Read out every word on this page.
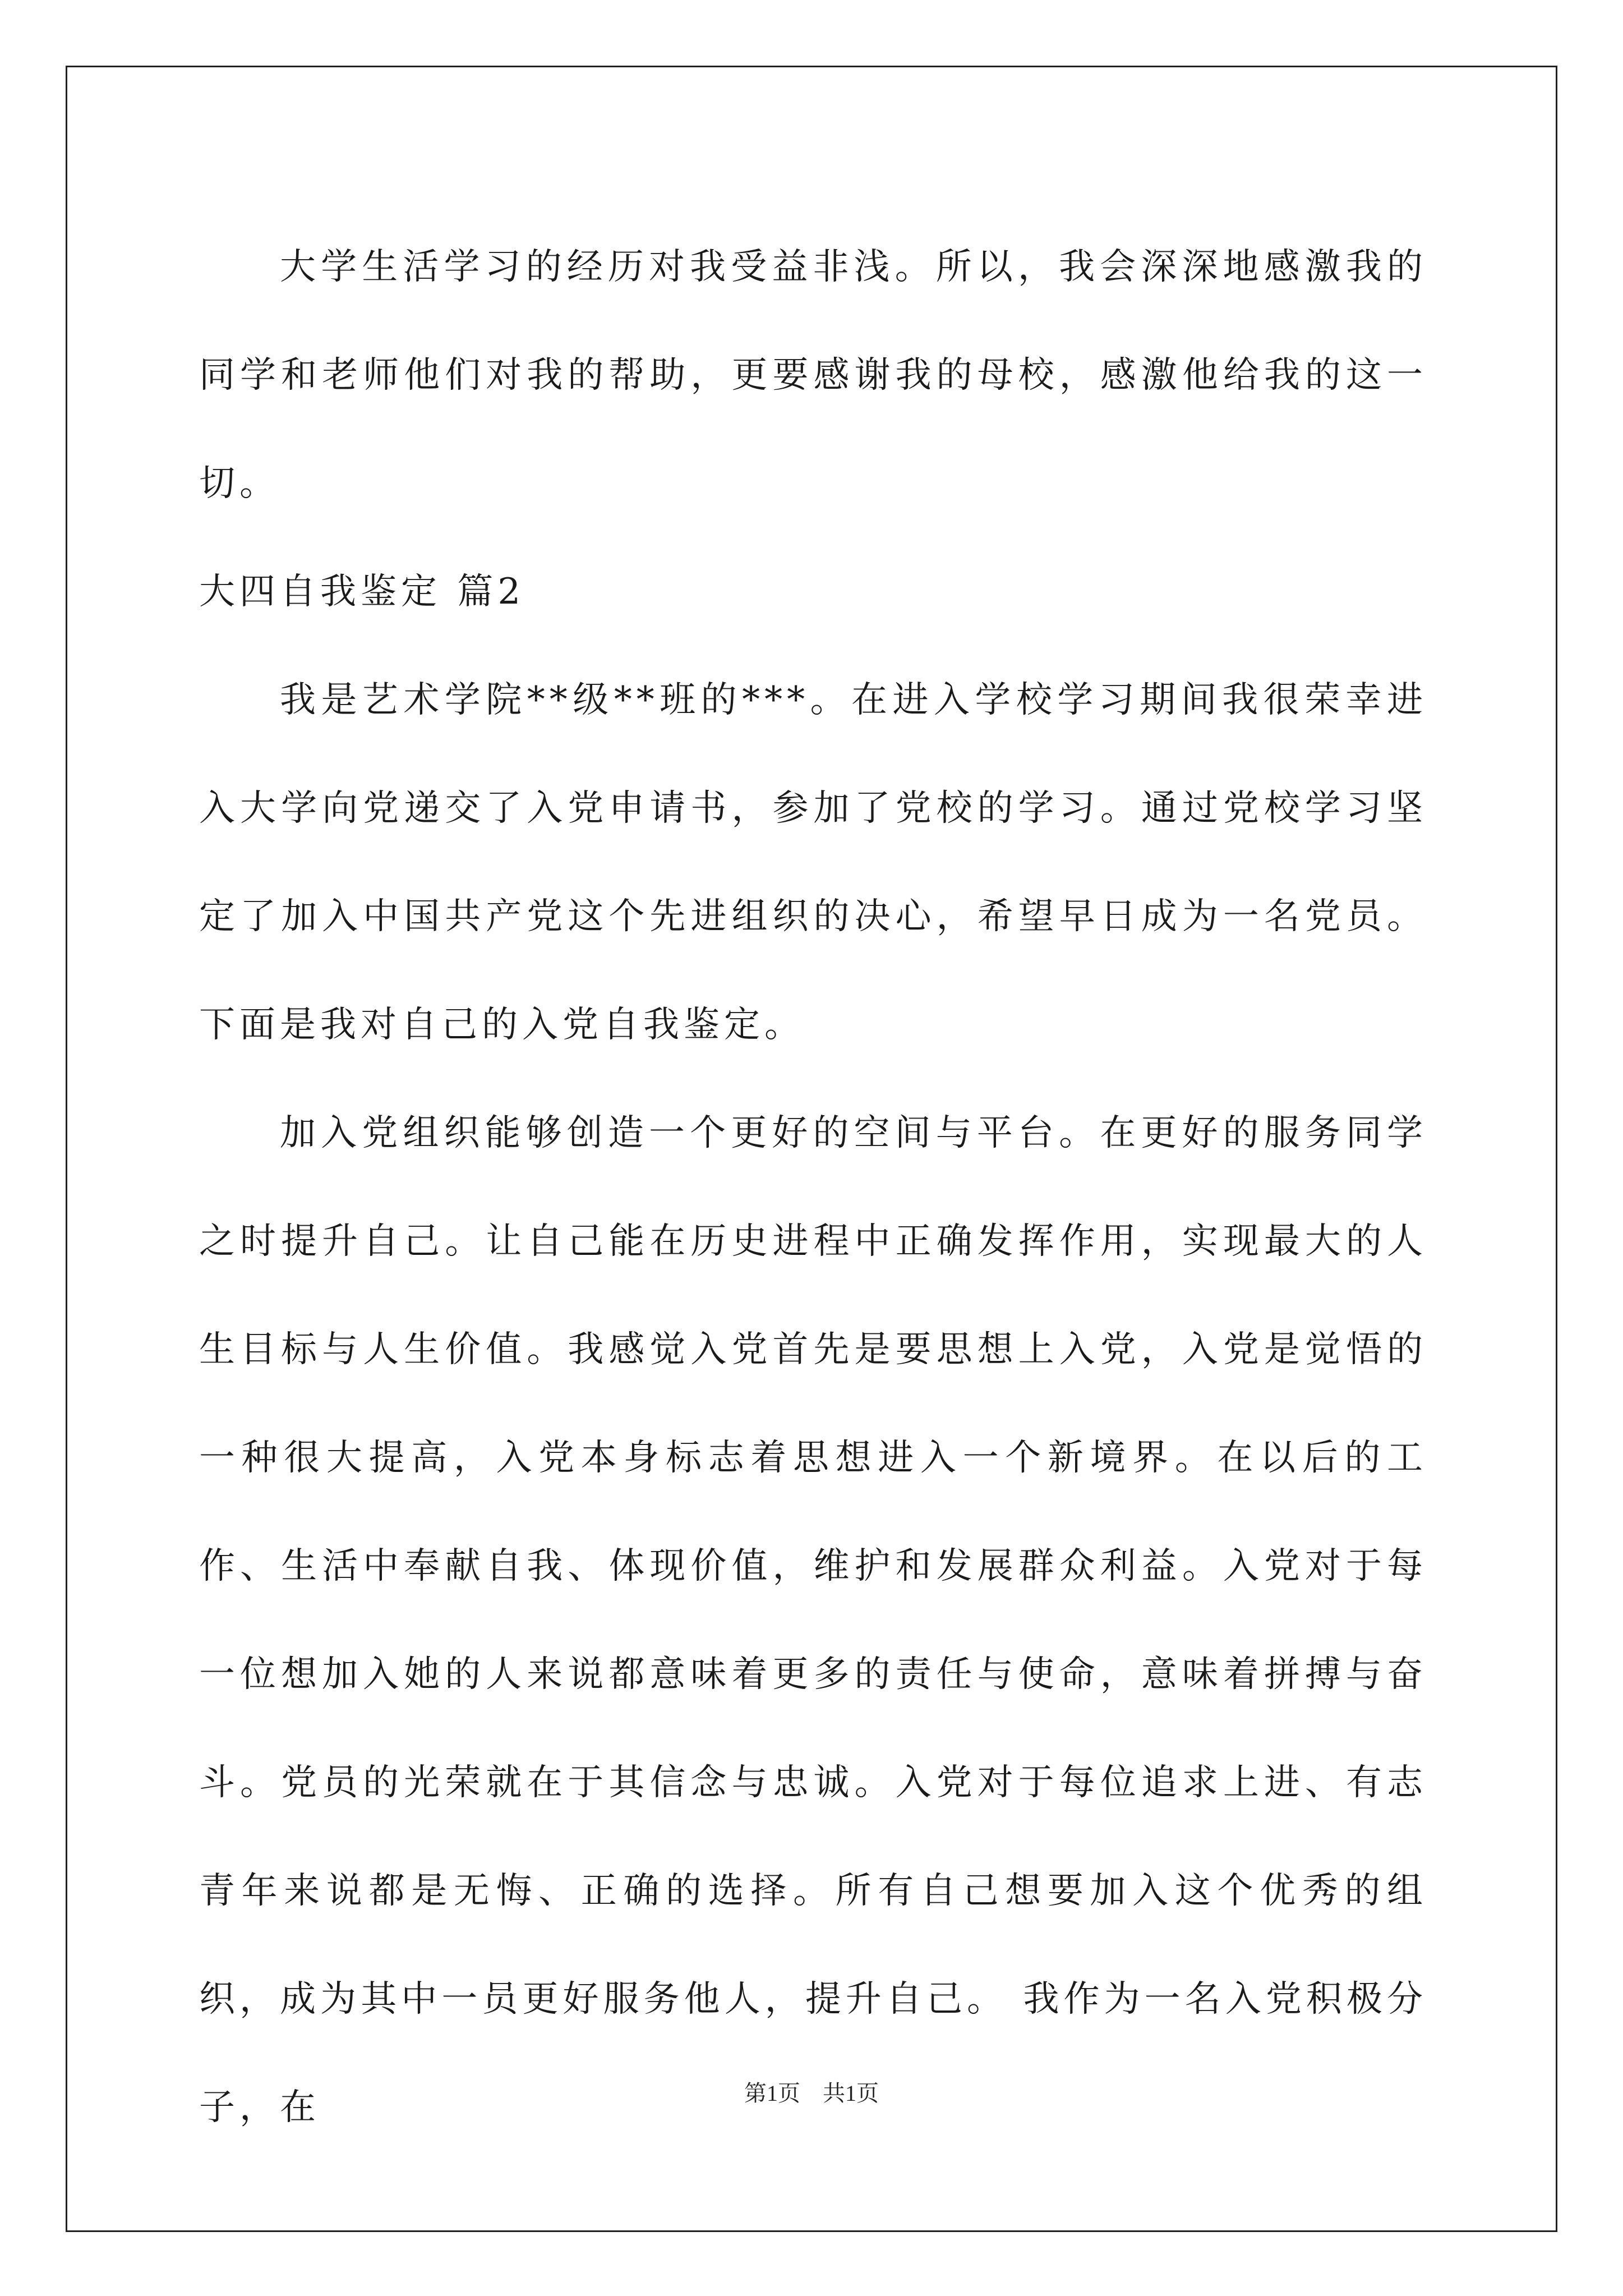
大学生活学习的经历对我受益非浅。所以，我会深深地感激我的同学和老师他们对我的帮助，更要感谢我的母校，感激他给我的这一切。

大四自我鉴定 篇2

我是艺术学院**级**班的***。在进入学校学习期间我很荣幸进入大学向党递交了入党申请书，参加了党校的学习。通过党校学习坚定了加入中国共产党这个先进组织的决心，希望早日成为一名党员。下面是我对自己的入党自我鉴定。

加入党组织能够创造一个更好的空间与平台。在更好的服务同学之时提升自己。让自己能在历史进程中正确发挥作用，实现最大的人生目标与人生价值。我感觉入党首先是要思想上入党，入党是觉悟的一种很大提高，入党本身标志着思想进入一个新境界。在以后的工作、生活中奉献自我、体现价值，维护和发展群众利益。入党对于每一位想加入她的人来说都意味着更多的责任与使命，意味着拼搏与奋斗。党员的光荣就在于其信念与忠诚。入党对于每位追求上进、有志青年来说都是无悔、正确的选择。所有自己想要加入这个优秀的组织，成为其中一员更好服务他人，提升自己。 我作为一名入党积极分子，在	第1页　共1页
